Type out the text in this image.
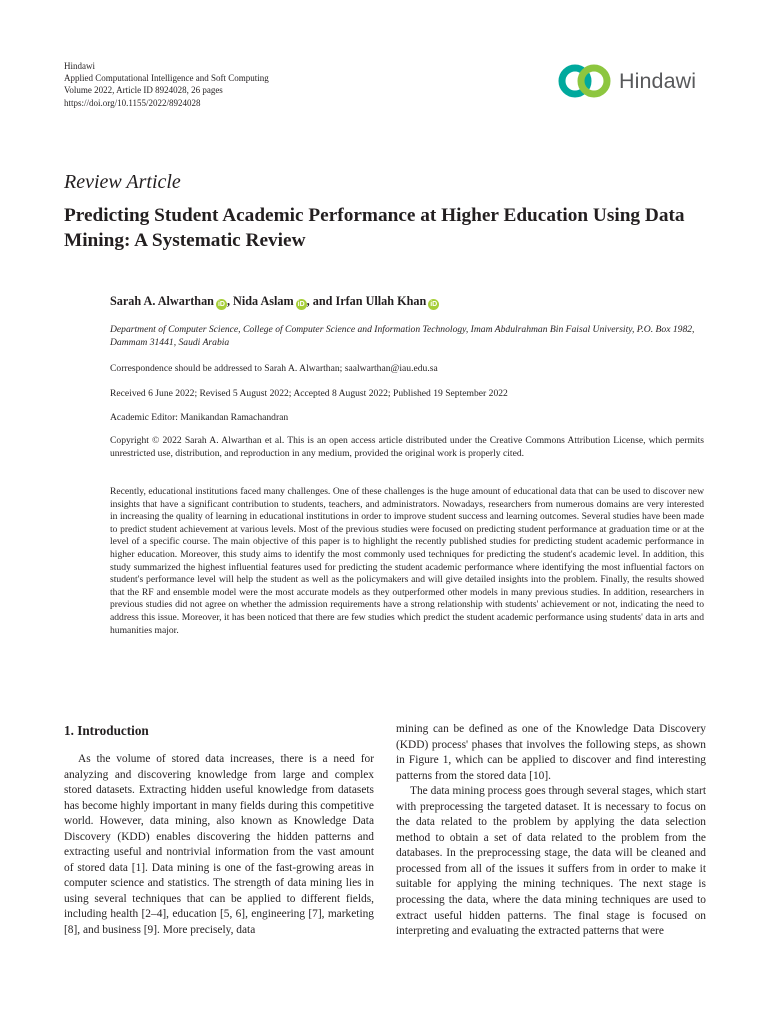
Hindawi
Applied Computational Intelligence and Soft Computing
Volume 2022, Article ID 8924028, 26 pages
https://doi.org/10.1155/2022/8924028
Hindawi
Review Article
Predicting Student Academic Performance at Higher Education Using Data Mining: A Systematic Review
Sarah A. Alwarthan iD , Nida Aslam iD , and Irfan Ullah Khan iD
Department of Computer Science, College of Computer Science and Information Technology, Imam Abdulrahman Bin Faisal University, P.O. Box 1982, Dammam 31441, Saudi Arabia
Correspondence should be addressed to Sarah A. Alwarthan; saalwarthan@iau.edu.sa
Received 6 June 2022; Revised 5 August 2022; Accepted 8 August 2022; Published 19 September 2022
Academic Editor: Manikandan Ramachandran
Copyright © 2022 Sarah A. Alwarthan et al. This is an open access article distributed under the Creative Commons Attribution License, which permits unrestricted use, distribution, and reproduction in any medium, provided the original work is properly cited.

Recently, educational institutions faced many challenges. One of these challenges is the huge amount of educational data that can be used to discover new insights that have a significant contribution to students, teachers, and administrators. Nowadays, researchers from numerous domains are very interested in increasing the quality of learning in educational institutions in order to improve student success and learning outcomes. Several studies have been made to predict student achievement at various levels. Most of the previous studies were focused on predicting student performance at graduation time or at the level of a specific course. The main objective of this paper is to highlight the recently published studies for predicting student academic performance in higher education. Moreover, this study aims to identify the most commonly used techniques for predicting the student's academic level. In addition, this study summarized the highest influential features used for predicting the student academic performance where identifying the most influential factors on student's performance level will help the student as well as the policymakers and will give detailed insights into the problem. Finally, the results showed that the RF and ensemble model were the most accurate models as they outperformed other models in many previous studies. In addition, researchers in previous studies did not agree on whether the admission requirements have a strong relationship with students' achievement or not, indicating the need to address this issue. Moreover, it has been noticed that there are few studies which predict the student academic performance using students' data in arts and humanities major.

1. Introduction

As the volume of stored data increases, there is a need for analyzing and discovering knowledge from large and complex stored datasets. Extracting hidden useful knowledge from datasets has become highly important in many fields during this competitive world. However, data mining, also known as Knowledge Data Discovery (KDD) enables discovering the hidden patterns and extracting useful and nontrivial information from the vast amount of stored data [1]. Data mining is one of the fast-growing areas in computer science and statistics. The strength of data mining lies in using several techniques that can be applied to different fields, including health [2–4], education [5, 6], engineering [7], marketing [8], and business [9]. More precisely, data

mining can be defined as one of the Knowledge Data Discovery (KDD) process' phases that involves the following steps, as shown in Figure 1, which can be applied to discover and find interesting patterns from the stored data [10].

The data mining process goes through several stages, which start with preprocessing the targeted dataset. It is necessary to focus on the data related to the problem by applying the data selection method to obtain a set of data related to the problem from the databases. In the preprocessing stage, the data will be cleaned and processed from all of the issues it suffers from in order to make it suitable for applying the mining techniques. The next stage is processing the data, where the data mining techniques are used to extract useful hidden patterns. The final stage is focused on interpreting and evaluating the extracted patterns that were
